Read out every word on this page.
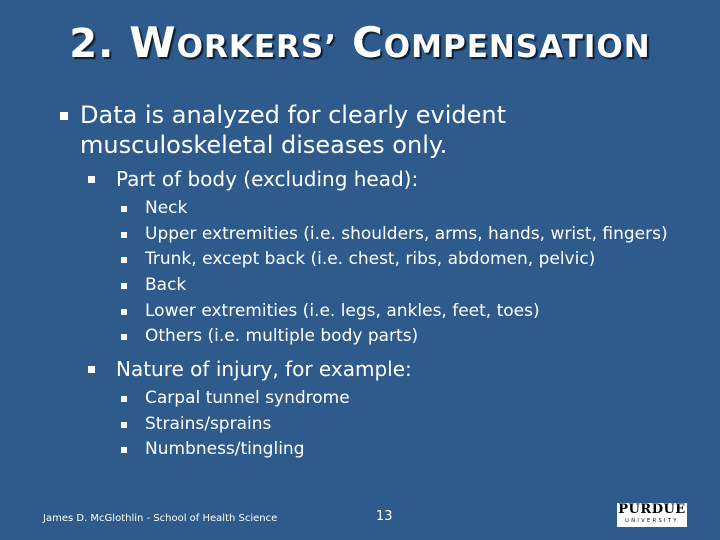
2. WORKERS’ COMPENSATION
Data is analyzed for clearly evident musculoskeletal diseases only.
Part of body (excluding head):
Neck
Upper extremities (i.e. shoulders, arms, hands, wrist, fingers)
Trunk, except back (i.e. chest, ribs, abdomen, pelvic)
Back
Lower extremities (i.e. legs, ankles, feet, toes)
Others (i.e. multiple body parts)
Nature of injury, for example:
Carpal tunnel syndrome
Strains/sprains
Numbness/tingling
James D. McGlothlin - School of Health Science	13	PURDUE
UNIVERSITY
